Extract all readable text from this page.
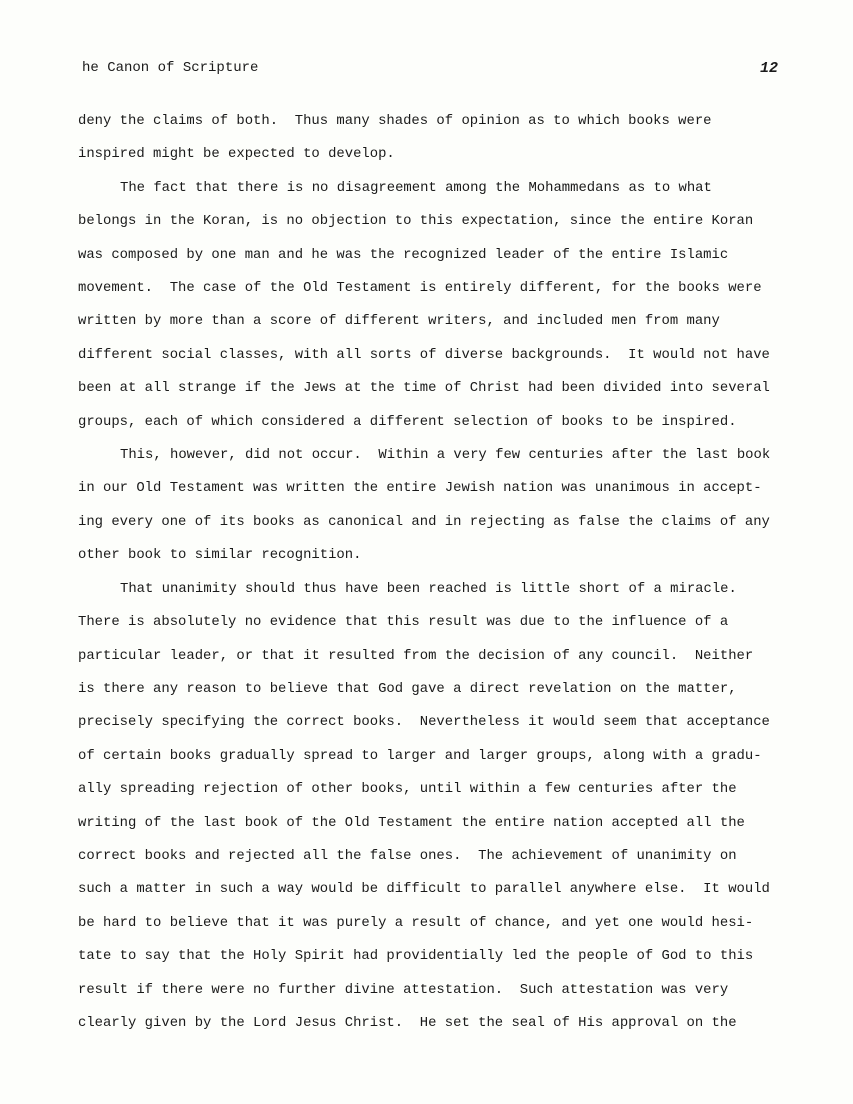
he Canon of Scripture	12
deny the claims of both.  Thus many shades of opinion as to which books were
inspired might be expected to develop.
The fact that there is no disagreement among the Mohammedans as to what
belongs in the Koran, is no objection to this expectation, since the entire Koran
was composed by one man and he was the recognized leader of the entire Islamic
movement.  The case of the Old Testament is entirely different, for the books were
written by more than a score of different writers, and included men from many
different social classes, with all sorts of diverse backgrounds.  It would not have
been at all strange if the Jews at the time of Christ had been divided into several
groups, each of which considered a different selection of books to be inspired.
This, however, did not occur.  Within a very few centuries after the last book
in our Old Testament was written the entire Jewish nation was unanimous in accept-
ing every one of its books as canonical and in rejecting as false the claims of any
other book to similar recognition.
That unanimity should thus have been reached is little short of a miracle.
There is absolutely no evidence that this result was due to the influence of a
particular leader, or that it resulted from the decision of any council.  Neither
is there any reason to believe that God gave a direct revelation on the matter,
precisely specifying the correct books.  Nevertheless it would seem that acceptance
of certain books gradually spread to larger and larger groups, along with a gradu-
ally spreading rejection of other books, until within a few centuries after the
writing of the last book of the Old Testament the entire nation accepted all the
correct books and rejected all the false ones.  The achievement of unanimity on
such a matter in such a way would be difficult to parallel anywhere else.  It would
be hard to believe that it was purely a result of chance, and yet one would hesi-
tate to say that the Holy Spirit had providentially led the people of God to this
result if there were no further divine attestation.  Such attestation was very
clearly given by the Lord Jesus Christ.  He set the seal of His approval on the
